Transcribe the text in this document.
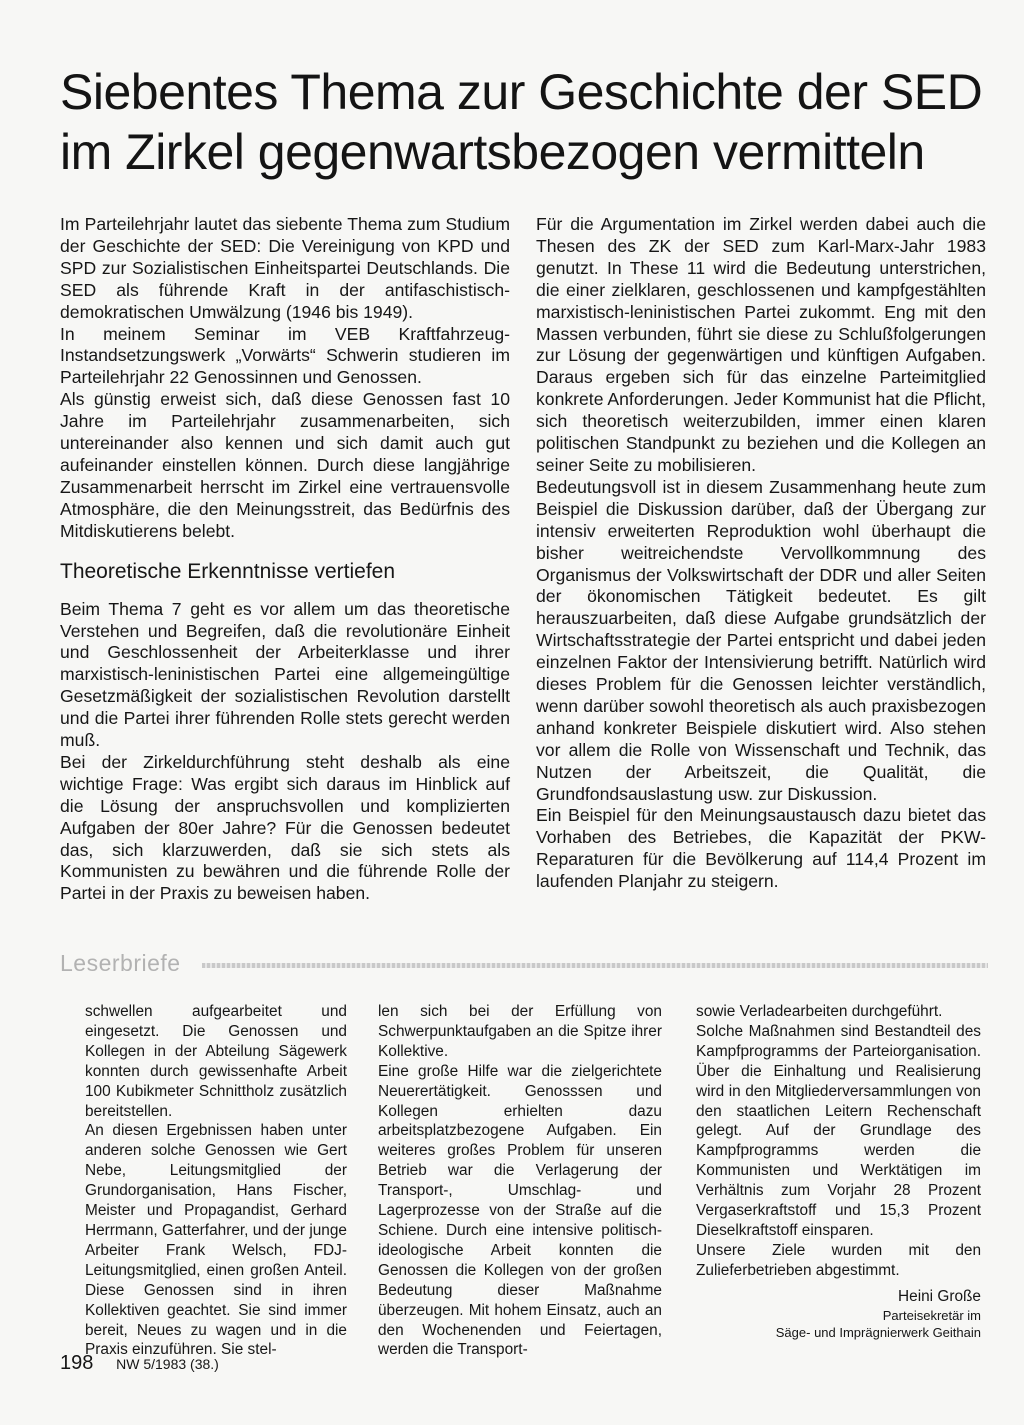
Siebentes Thema zur Geschichte der SED
im Zirkel gegenwartsbezogen vermitteln

Im Parteilehrjahr lautet das siebente Thema zum Studium der Geschichte der SED: Die Vereinigung von KPD und SPD zur Sozialistischen Einheitspartei Deutschlands. Die SED als führende Kraft in der antifaschistisch-demokratischen Umwälzung (1946 bis 1949).

In meinem Seminar im VEB Kraftfahrzeug-Instandsetzungswerk „Vorwärts“ Schwerin studieren im Parteilehrjahr 22 Genossinnen und Genossen.

Als günstig erweist sich, daß diese Genossen fast 10 Jahre im Parteilehrjahr zusammenarbeiten, sich untereinander also kennen und sich damit auch gut aufeinander einstellen können. Durch diese langjährige Zusammenarbeit herrscht im Zirkel eine vertrauensvolle Atmosphäre, die den Meinungsstreit, das Bedürfnis des Mitdiskutierens belebt.

Theoretische Erkenntnisse vertiefen

Beim Thema 7 geht es vor allem um das theoretische Verstehen und Begreifen, daß die revolutionäre Einheit und Geschlossenheit der Arbeiterklasse und ihrer marxistisch-leninistischen Partei eine allgemeingültige Gesetzmäßigkeit der sozialistischen Revolution darstellt und die Partei ihrer führenden Rolle stets gerecht werden muß.

Bei der Zirkeldurchführung steht deshalb als eine wichtige Frage: Was ergibt sich daraus im Hinblick auf die Lösung der anspruchsvollen und komplizierten Aufgaben der 80er Jahre? Für die Genossen bedeutet das, sich klarzuwerden, daß sie sich stets als Kommunisten zu bewähren und die führende Rolle der Partei in der Praxis zu beweisen haben.

Für die Argumentation im Zirkel werden dabei auch die Thesen des ZK der SED zum Karl-Marx-Jahr 1983 genutzt. In These 11 wird die Bedeutung unterstrichen, die einer zielklaren, geschlossenen und kampfgestählten marxistisch-leninistischen Partei zukommt. Eng mit den Massen verbunden, führt sie diese zu Schlußfolgerungen zur Lösung der gegenwärtigen und künftigen Aufgaben. Daraus ergeben sich für das einzelne Parteimitglied konkrete Anforderungen. Jeder Kommunist hat die Pflicht, sich theoretisch weiterzubilden, immer einen klaren politischen Standpunkt zu beziehen und die Kollegen an seiner Seite zu mobilisieren.

Bedeutungsvoll ist in diesem Zusammenhang heute zum Beispiel die Diskussion darüber, daß der Übergang zur intensiv erweiterten Reproduktion wohl überhaupt die bisher weitreichendste Vervollkommnung des Organismus der Volkswirtschaft der DDR und aller Seiten der ökonomischen Tätigkeit bedeutet. Es gilt herauszuarbeiten, daß diese Aufgabe grundsätzlich der Wirtschaftsstrategie der Partei entspricht und dabei jeden einzelnen Faktor der Intensivierung betrifft. Natürlich wird dieses Problem für die Genossen leichter verständlich, wenn darüber sowohl theoretisch als auch praxisbezogen anhand konkreter Beispiele diskutiert wird. Also stehen vor allem die Rolle von Wissenschaft und Technik, das Nutzen der Arbeitszeit, die Qualität, die Grundfondsauslastung usw. zur Diskussion.

Ein Beispiel für den Meinungsaustausch dazu bietet das Vorhaben des Betriebes, die Kapazität der PKW-Reparaturen für die Bevölkerung auf 114,4 Prozent im laufenden Planjahr zu steigern.

Leserbriefe

schwellen aufgearbeitet und eingesetzt. Die Genossen und Kollegen in der Abteilung Sägewerk konnten durch gewissenhafte Arbeit 100 Kubikmeter Schnittholz zusätzlich bereitstellen.

An diesen Ergebnissen haben unter anderen solche Genossen wie Gert Nebe, Leitungsmitglied der Grundorganisation, Hans Fischer, Meister und Propagandist, Gerhard Herrmann, Gatterfahrer, und der junge Arbeiter Frank Welsch, FDJ-Leitungsmitglied, einen großen Anteil. Diese Genossen sind in ihren Kollektiven geachtet. Sie sind immer bereit, Neues zu wagen und in die Praxis einzuführen. Sie stel-

len sich bei der Erfüllung von Schwerpunktaufgaben an die Spitze ihrer Kollektive.

Eine große Hilfe war die zielgerichtete Neuerertätigkeit. Genosssen und Kollegen erhielten dazu arbeitsplatzbezogene Aufgaben. Ein weiteres großes Problem für unseren Betrieb war die Verlagerung der Transport-, Umschlag- und Lagerprozesse von der Straße auf die Schiene. Durch eine intensive politisch-ideologische Arbeit konnten die Genossen die Kollegen von der großen Bedeutung dieser Maßnahme überzeugen. Mit hohem Einsatz, auch an den Wochenenden und Feiertagen, werden die Transport-

sowie Verladearbeiten durchgeführt.

Solche Maßnahmen sind Bestandteil des Kampfprogramms der Parteiorganisation. Über die Einhaltung und Realisierung wird in den Mitgliederversammlungen von den staatlichen Leitern Rechenschaft gelegt. Auf der Grundlage des Kampfprogramms werden die Kommunisten und Werktätigen im Verhältnis zum Vorjahr 28 Prozent Vergaserkraftstoff und 15,3 Prozent Dieselkraftstoff einsparen.

Unsere Ziele wurden mit den Zulieferbetrieben abgestimmt.

Heini Große

Parteisekretär im

Säge- und Imprägnierwerk Geithain

198 NW 5/1983 (38.)
